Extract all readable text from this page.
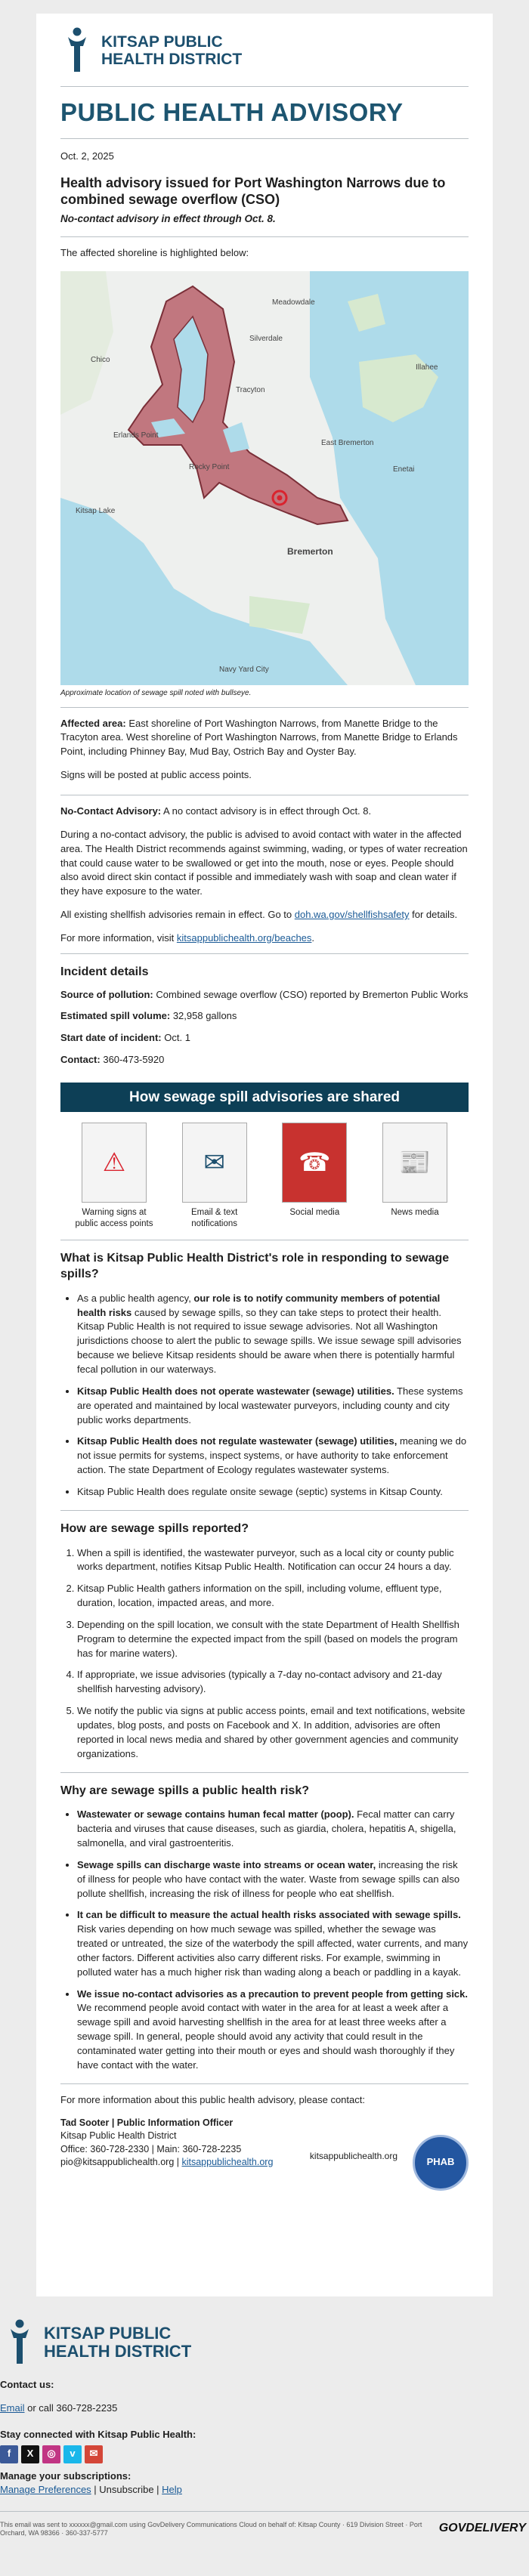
KITSAP PUBLIC
HEALTH DISTRICT
PUBLIC HEALTH ADVISORY
Oct. 2, 2025
Health advisory issued for Port Washington Narrows due to combined sewage overflow (CSO)
No-contact advisory in effect through Oct. 8.

The affected shoreline is highlighted below:

Meadowdale
Silverdale
Tracyton
Illahee
Erlands Point
Chico
East Bremerton
Enetai
Bremerton
Kitsap Lake
Navy Yard City
Rocky Point
Approximate location of sewage spill noted with bullseye.

Affected area: East shoreline of Port Washington Narrows, from Manette Bridge to the Tracyton area. West shoreline of Port Washington Narrows, from Manette Bridge to Erlands Point, including Phinney Bay, Mud Bay, Ostrich Bay and Oyster Bay.

Signs will be posted at public access points.

No-Contact Advisory: A no contact advisory is in effect through Oct. 8.

During a no-contact advisory, the public is advised to avoid contact with water in the affected area. The Health District recommends against swimming, wading, or types of water recreation that could cause water to be swallowed or get into the mouth, nose or eyes. People should also avoid direct skin contact if possible and immediately wash with soap and clean water if they have exposure to the water.

All existing shellfish advisories remain in effect. Go to doh.wa.gov/shellfishsafety for details.

For more information, visit kitsappublichealth.org/beaches.

Incident details

Source of pollution: Combined sewage overflow (CSO) reported by Bremerton Public Works

Estimated spill volume: 32,958 gallons

Start date of incident: Oct. 1

Contact: 360-473-5920

How sewage spill advisories are shared
⚠
Warning signs at public access points
✉
Email & text notifications
☎
Social media
📰
News media
What is Kitsap Public Health District's role in responding to sewage spills?
• As a public health agency, our role is to notify community members of potential health risks caused by sewage spills, so they can take steps to protect their health. Kitsap Public Health is not required to issue sewage advisories. Not all Washington jurisdictions choose to alert the public to sewage spills. We issue sewage spill advisories because we believe Kitsap residents should be aware when there is potentially harmful fecal pollution in our waterways.
• Kitsap Public Health does not operate wastewater (sewage) utilities. These systems are operated and maintained by local wastewater purveyors, including county and city public works departments.
• Kitsap Public Health does not regulate wastewater (sewage) utilities, meaning we do not issue permits for systems, inspect systems, or have authority to take enforcement action. The state Department of Ecology regulates wastewater systems.
• Kitsap Public Health does regulate onsite sewage (septic) systems in Kitsap County.
How are sewage spills reported?
1. When a spill is identified, the wastewater purveyor, such as a local city or county public works department, notifies Kitsap Public Health. Notification can occur 24 hours a day.
2. Kitsap Public Health gathers information on the spill, including volume, effluent type, duration, location, impacted areas, and more.
3. Depending on the spill location, we consult with the state Department of Health Shellfish Program to determine the expected impact from the spill (based on models the program has for marine waters).
4. If appropriate, we issue advisories (typically a 7-day no-contact advisory and 21-day shellfish harvesting advisory).
5. We notify the public via signs at public access points, email and text notifications, website updates, blog posts, and posts on Facebook and X. In addition, advisories are often reported in local news media and shared by other government agencies and community organizations.
Why are sewage spills a public health risk?
• Wastewater or sewage contains human fecal matter (poop). Fecal matter can carry bacteria and viruses that cause diseases, such as giardia, cholera, hepatitis A, shigella, salmonella, and viral gastroenteritis.
• Sewage spills can discharge waste into streams or ocean water, increasing the risk of illness for people who have contact with the water. Waste from sewage spills can also pollute shellfish, increasing the risk of illness for people who eat shellfish.
• It can be difficult to measure the actual health risks associated with sewage spills. Risk varies depending on how much sewage was spilled, whether the sewage was treated or untreated, the size of the waterbody the spill affected, water currents, and many other factors. Different activities also carry different risks. For example, swimming in polluted water has a much higher risk than wading along a beach or paddling in a kayak.
• We issue no-contact advisories as a precaution to prevent people from getting sick. We recommend people avoid contact with water in the area for at least a week after a sewage spill and avoid harvesting shellfish in the area for at least three weeks after a sewage spill. In general, people should avoid any activity that could result in the contaminated water getting into their mouth or eyes and should wash thoroughly if they have contact with the water.

For more information about this public health advisory, please contact:

Tad Sooter | Public Information Officer
Kitsap Public Health District
Office: 360-728-2330 | Main: 360-728-2235
pio@kitsappublichealth.org | kitsappublichealth.org
kitsappublichealth.org
PHAB
KITSAP PUBLIC
HEALTH DISTRICT
Contact us:
Email or call 360-728-2235
Stay connected with Kitsap Public Health:
f	X	◎	v	✉
Manage your subscriptions:
Manage Preferences | Unsubscribe | Help
This email was sent to xxxxxx@gmail.com using GovDelivery Communications Cloud on behalf of: Kitsap County · 619 Division Street · Port Orchard, WA 98366 · 360-337-5777	GOVDELIVERY
